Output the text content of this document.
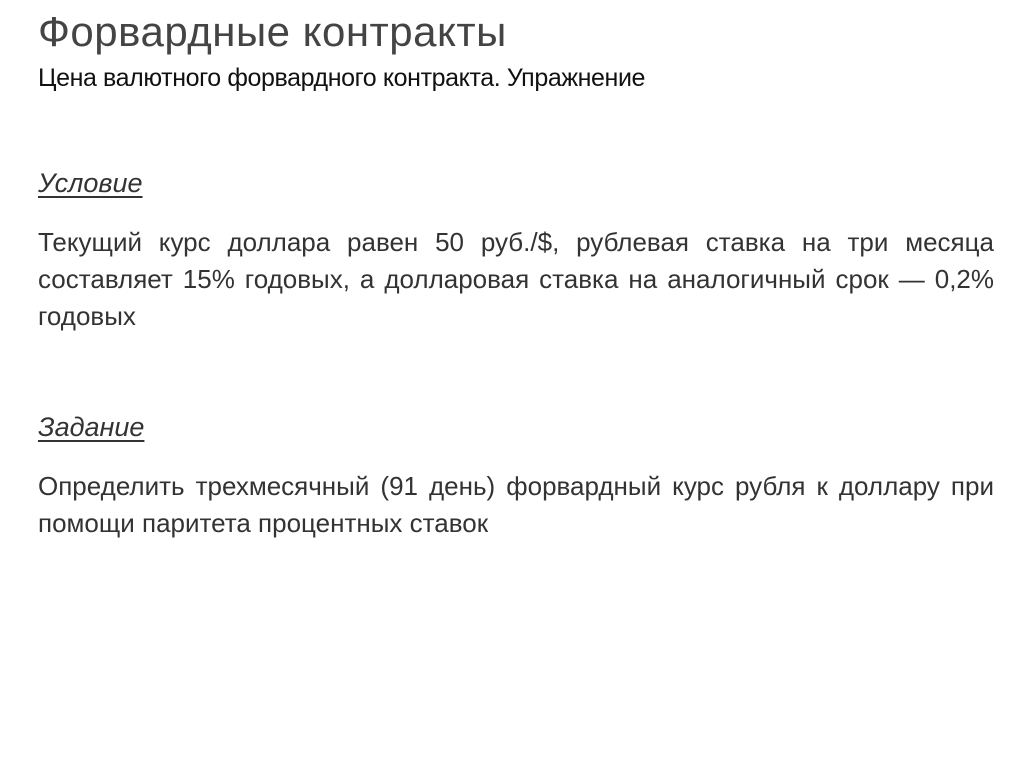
Форвардные контракты
Цена валютного форвардного контракта. Упражнение
Условие
Текущий курс доллара равен 50 руб./$, рублевая ставка на три месяца составляет 15% годовых, а долларовая ставка на аналогичный срок — 0,2% годовых
Задание
Определить трехмесячный (91 день) форвардный курс рубля к доллару при помощи паритета процентных ставок
